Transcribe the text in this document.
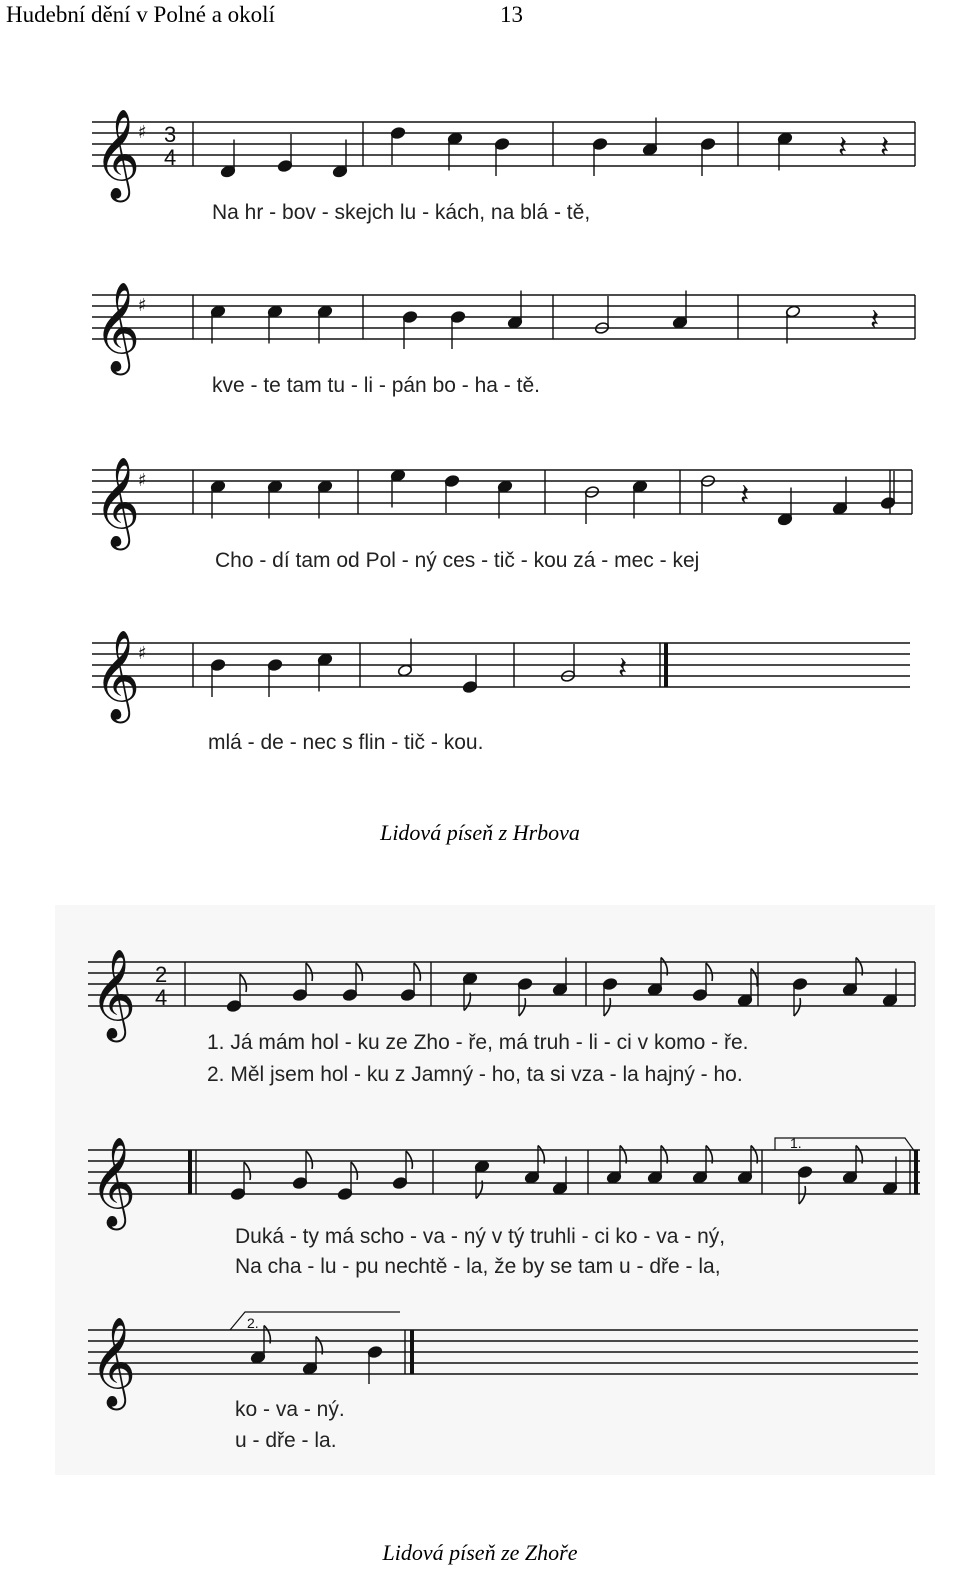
Hudební dění v Polné a okolí	13
𝄞
♯ 3
4	𝄽 𝄽
𝄞
♯	𝄽
𝄞
♯	𝄽
𝄞
♯	𝄽
𝄞 2
4
𝄞	1.
𝄞	2.
Na hr - bov - skejch lu - kách, na blá - tě,
kve - te tam tu - li - pán bo - ha - tě.
Cho - dí tam od Pol - ný ces - tič - kou zá - mec - kej
mlá - de - nec s flin - tič - kou.
Lidová píseň z Hrbova
1. Já mám hol - ku ze Zho - ře, má truh - li - ci v komo - ře.
2. Měl jsem hol - ku z Jamný - ho, ta si vza - la hajný - ho.
Duká - ty má scho - va - ný v tý truhli - ci ko - va - ný,
Na cha - lu - pu nechtě - la, že by se tam u - dře - la,
ko - va - ný.
u - dře - la.
Lidová píseň ze Zhoře
